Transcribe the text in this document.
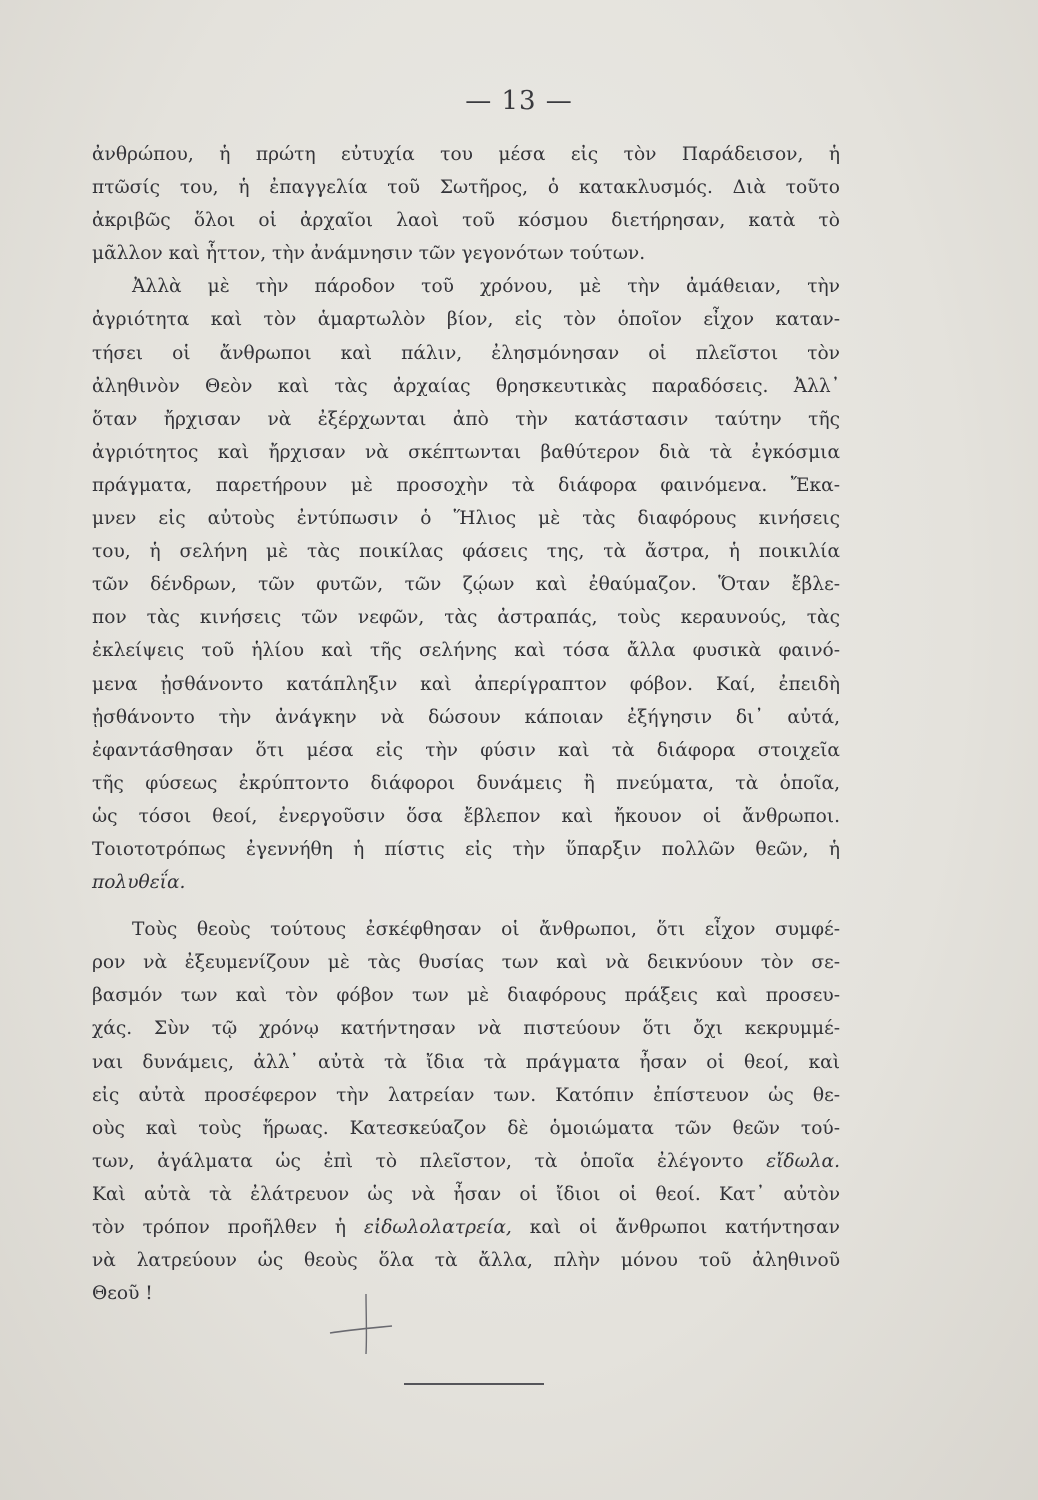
— 13 —
ἀνθρώπου, ἡ πρώτη εὐτυχία του μέσα εἰς τὸν Παράδεισον, ἡ
πτῶσίς του, ἡ ἐπαγγελία τοῦ Σωτῆρος, ὁ κατακλυσμός. Διὰ τοῦτο
ἀκριβῶς ὅλοι οἱ ἀρχαῖοι λαοὶ τοῦ κόσμου διετήρησαν, κατὰ τὸ
μᾶλλον καὶ ἧττον, τὴν ἀνάμνησιν τῶν γεγονότων τούτων.
Ἀλλὰ μὲ τὴν πάροδον τοῦ χρόνου, μὲ τὴν ἀμάθειαν, τὴν
ἀγριότητα καὶ τὸν ἁμαρτωλὸν βίον, εἰς τὸν ὁποῖον εἶχον καταν-
τήσει οἱ ἄνθρωποι καὶ πάλιν, ἐλησμόνησαν οἱ πλεῖστοι τὸν
ἀληθινὸν Θεὸν καὶ τὰς ἀρχαίας θρησκευτικὰς παραδόσεις. Ἀλλ᾿
ὅταν ἤρχισαν νὰ ἐξέρχωνται ἀπὸ τὴν κατάστασιν ταύτην τῆς
ἀγριότητος καὶ ἤρχισαν νὰ σκέπτωνται βαθύτερον διὰ τὰ ἐγκόσμια
πράγματα, παρετήρουν μὲ προσοχὴν τὰ διάφορα φαινόμενα. Ἔκα-
μνεν εἰς αὐτοὺς ἐντύπωσιν ὁ Ἥλιος μὲ τὰς διαφόρους κινήσεις
του, ἡ σελήνη μὲ τὰς ποικίλας φάσεις της, τὰ ἄστρα, ἡ ποικιλία
τῶν δένδρων, τῶν φυτῶν, τῶν ζῴων καὶ ἐθαύμαζον. Ὅταν ἔβλε-
πον τὰς κινήσεις τῶν νεφῶν, τὰς ἀστραπάς, τοὺς κεραυνούς, τὰς
ἐκλείψεις τοῦ ἡλίου καὶ τῆς σελήνης καὶ τόσα ἄλλα φυσικὰ φαινό-
μενα ᾐσθάνοντο κατάπληξιν καὶ ἀπερίγραπτον φόβον. Καί, ἐπειδὴ
ᾐσθάνοντο τὴν ἀνάγκην νὰ δώσουν κάποιαν ἐξήγησιν δι᾿ αὐτά,
ἐφαντάσθησαν ὅτι μέσα εἰς τὴν φύσιν καὶ τὰ διάφορα στοιχεῖα
τῆς φύσεως ἐκρύπτοντο διάφοροι δυνάμεις ἢ πνεύματα, τὰ ὁποῖα,
ὡς τόσοι θεοί, ἐνεργοῦσιν ὅσα ἔβλεπον καὶ ἤκουον οἱ ἄνθρωποι.
Τοιοτοτρόπως ἐγεννήθη ἡ πίστις εἰς τὴν ὕπαρξιν πολλῶν θεῶν, ἡ
πολυθεΐα.
Τοὺς θεοὺς τούτους ἐσκέφθησαν οἱ ἄνθρωποι, ὅτι εἶχον συμφέ-
ρον νὰ ἐξευμενίζουν μὲ τὰς θυσίας των καὶ νὰ δεικνύουν τὸν σε-
βασμόν των καὶ τὸν φόβον των μὲ διαφόρους πράξεις καὶ προσευ-
χάς. Σὺν τῷ χρόνῳ κατήντησαν νὰ πιστεύουν ὅτι ὄχι κεκρυμμέ-
ναι δυνάμεις, ἀλλ᾿ αὐτὰ τὰ ἴδια τὰ πράγματα ἦσαν οἱ θεοί, καὶ
εἰς αὐτὰ προσέφερον τὴν λατρείαν των. Κατόπιν ἐπίστευον ὡς θε-
οὺς καὶ τοὺς ἥρωας. Κατεσκεύαζον δὲ ὁμοιώματα τῶν θεῶν τού-
των, ἀγάλματα ὡς ἐπὶ τὸ πλεῖστον, τὰ ὁποῖα ἐλέγοντο εἴδωλα.
Καὶ αὐτὰ τὰ ἐλάτρευον ὡς νὰ ἦσαν οἱ ἴδιοι οἱ θεοί. Κατ᾿ αὐτὸν
τὸν τρόπον προῆλθεν ἡ εἰδωλολατρεία, καὶ οἱ ἄνθρωποι κατήντησαν
νὰ λατρεύουν ὡς θεοὺς ὅλα τὰ ἄλλα, πλὴν μόνου τοῦ ἀληθινοῦ
Θεοῦ !
